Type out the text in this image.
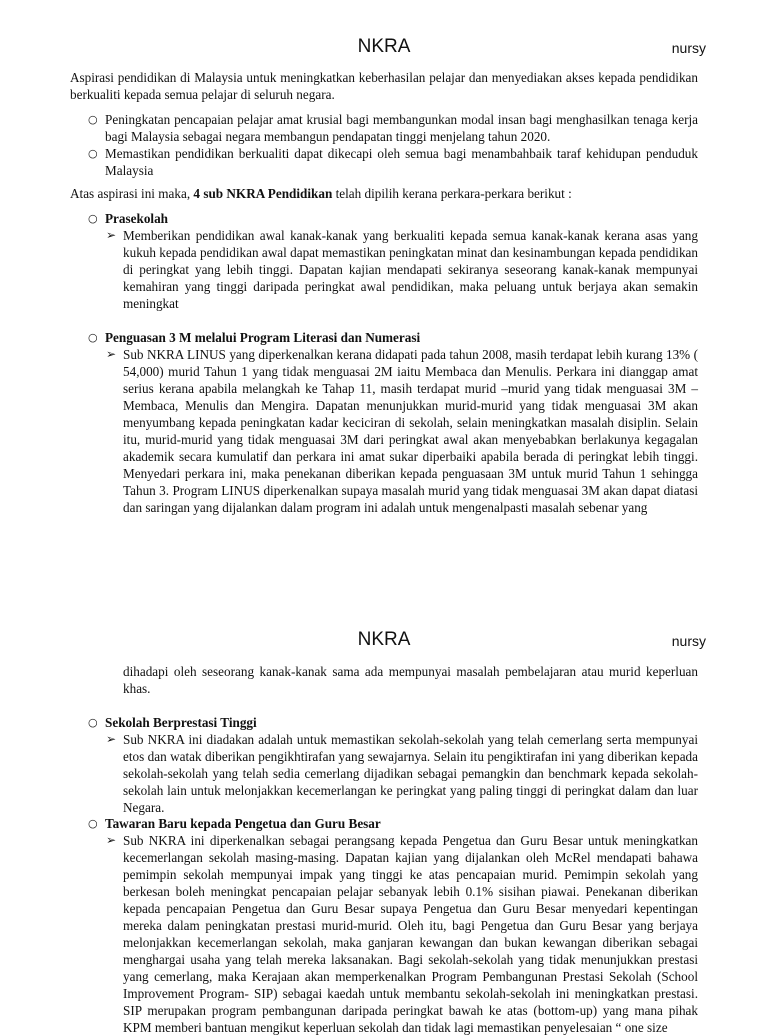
NKRA	nursy

Aspirasi pendidikan di Malaysia untuk meningkatkan keberhasilan pelajar dan menyediakan akses kepada pendidikan berkualiti kepada semua pelajar di seluruh negara.

○ Peningkatan pencapaian pelajar amat krusial bagi membangunkan modal insan bagi menghasilkan tenaga kerja bagi Malaysia sebagai negara membangun pendapatan tinggi menjelang tahun 2020.
○ Memastikan pendidikan berkualiti dapat dikecapi oleh semua bagi menambahbaik taraf kehidupan penduduk Malaysia

Atas aspirasi ini maka, 4 sub NKRA Pendidikan telah dipilih kerana perkara-perkara berikut :

○ Prasekolah
➢ Memberikan pendidikan awal kanak-kanak yang berkualiti kepada semua kanak-kanak kerana asas yang kukuh kepada pendidikan awal dapat memastikan peningkatan minat dan kesinambungan kepada pendidikan di peringkat yang lebih tinggi. Dapatan kajian mendapati sekiranya seseorang kanak-kanak mempunyai kemahiran yang tinggi daripada peringkat awal pendidikan, maka peluang untuk berjaya akan semakin meningkat
○ Penguasan 3 M melalui Program Literasi dan Numerasi
➢ Sub NKRA LINUS yang diperkenalkan kerana didapati pada tahun 2008, masih terdapat lebih kurang 13% ( 54,000) murid Tahun 1 yang tidak menguasai 2M iaitu Membaca dan Menulis. Perkara ini dianggap amat serius kerana apabila melangkah ke Tahap 11, masih terdapat murid –murid yang tidak menguasai 3M – Membaca, Menulis dan Mengira. Dapatan menunjukkan murid-murid yang tidak menguasai 3M akan menyumbang kepada peningkatan kadar keciciran di sekolah, selain meningkatkan masalah disiplin. Selain itu, murid-murid yang tidak menguasai 3M dari peringkat awal akan menyebabkan berlakunya kegagalan akademik secara kumulatif dan perkara ini amat sukar diperbaiki apabila berada di peringkat lebih tinggi. Menyedari perkara ini, maka penekanan diberikan kepada penguasaan 3M untuk murid Tahun 1 sehingga Tahun 3. Program LINUS diperkenalkan supaya masalah murid yang tidak menguasai 3M akan dapat diatasi dan saringan yang dijalankan dalam program ini adalah untuk mengenalpasti masalah sebenar yang
NKRA	nursy
dihadapi oleh seseorang kanak-kanak sama ada mempunyai masalah pembelajaran atau murid keperluan khas.
○ Sekolah Berprestasi Tinggi
➢ Sub NKRA ini diadakan adalah untuk memastikan sekolah-sekolah yang telah cemerlang serta mempunyai etos dan watak diberikan pengikhtirafan yang sewajarnya. Selain itu pengiktirafan ini yang diberikan kepada sekolah-sekolah yang telah sedia cemerlang dijadikan sebagai pemangkin dan benchmark kepada sekolah-sekolah lain untuk melonjakkan kecemerlangan ke peringkat yang paling tinggi di peringkat dalam dan luar Negara.
○ Tawaran Baru kepada Pengetua dan Guru Besar
➢ Sub NKRA ini diperkenalkan sebagai perangsang kepada Pengetua dan Guru Besar untuk meningkatkan kecemerlangan sekolah masing-masing. Dapatan kajian yang dijalankan oleh McRel mendapati bahawa pemimpin sekolah mempunyai impak yang tinggi ke atas pencapaian murid. Pemimpin sekolah yang berkesan boleh meningkat pencapaian pelajar sebanyak lebih 0.1% sisihan piawai. Penekanan diberikan kepada pencapaian Pengetua dan Guru Besar supaya Pengetua dan Guru Besar menyedari kepentingan mereka dalam peningkatan prestasi murid-murid. Oleh itu, bagi Pengetua dan Guru Besar yang berjaya melonjakkan kecemerlangan sekolah, maka ganjaran kewangan dan bukan kewangan diberikan sebagai menghargai usaha yang telah mereka laksanakan. Bagi sekolah-sekolah yang tidak menunjukkan prestasi yang cemerlang, maka Kerajaan akan memperkenalkan Program Pembangunan Prestasi Sekolah (School Improvement Program- SIP) sebagai kaedah untuk membantu sekolah-sekolah ini meningkatkan prestasi. SIP merupakan program pembangunan daripada peringkat bawah ke atas (bottom-up) yang mana pihak KPM memberi bantuan mengikut keperluan sekolah dan tidak lagi memastikan penyelesaian “ one size
